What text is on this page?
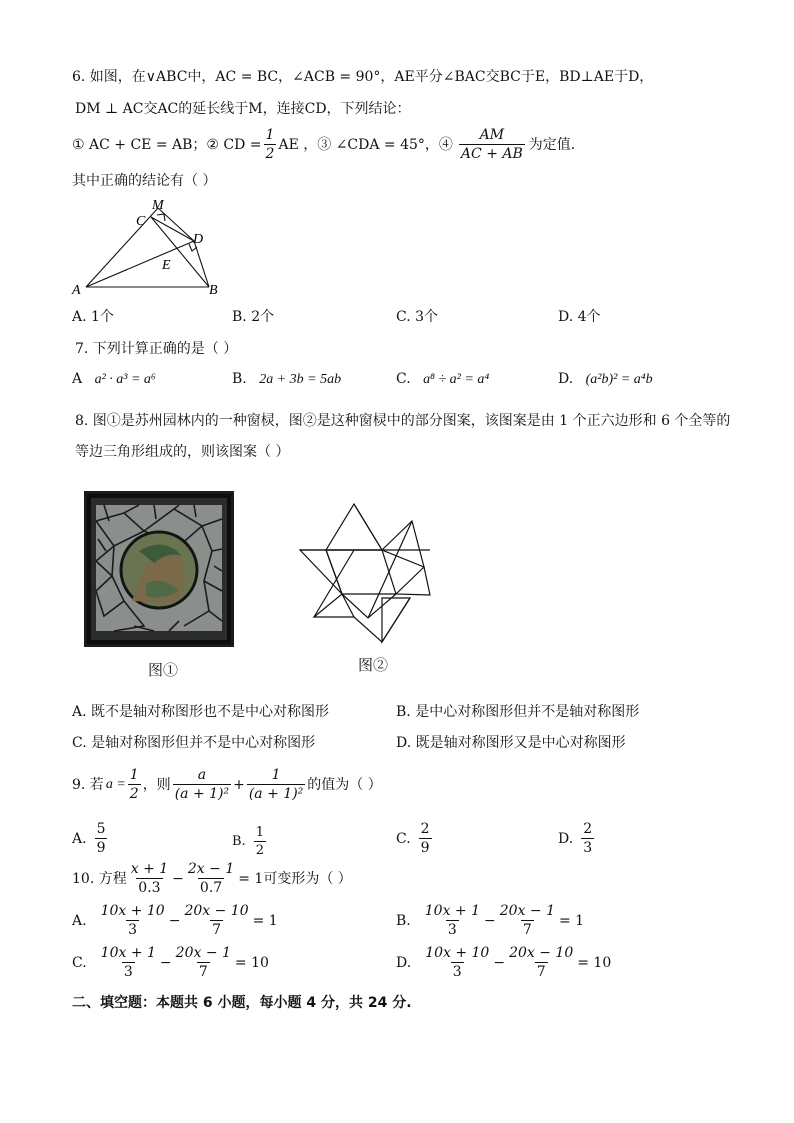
6. 如图，在∨ABC中，AC = BC，∠ACB = 90°，AE平分∠BAC交BC于E，BD⊥AE于D，
DM ⊥ AC交AC的延长线于M，连接CD，下列结论：
① AC + CE = AB；② CD = $\frac{1}{2}$ AE ，③ ∠CDA = 45°，④ $\frac{AM}{AC + AB}$ 为定值.
其中正确的结论有（ ）
M
C
D
E
A	B
A. 1个	B. 2个	C. 3个	D. 4个
7. 下列计算正确的是（ ）
A a² · a³ = a⁶	B. 2a + 3b = 5ab	C. a⁸ ÷ a² = a⁴	D. (a²b)² = a⁴b
8. 图①是苏州园林内的一种窗棂，图②是这种窗棂中的部分图案，该图案是由 1 个正六边形和 6 个全等的
等边三角形组成的，则该图案（ ）
图①	图②
A. 既不是轴对称图形也不是中心对称图形	B. 是中心对称图形但并不是轴对称图形
C. 是轴对称图形但并不是中心对称图形	D. 既是轴对称图形又是中心对称图形
9. 若 $a = \frac{1}{2}$ ，则 $\frac{a}{\text{(a + 1)²}} + \frac{1}{\text{(a + 1)²}}$ 的值为（ ）
A. $\frac{5}{9}$	B. $\frac{1}{2}$	C. $\frac{2}{9}$	D. $\frac{2}{3}$
10. 方程 $\frac{x + 1}{0.3} - \frac{2x - 1}{0.7} = 1$可变形为（ ）
A. $\frac{10x + 10}{3} - \frac{20x - 10}{7} = 1$	B. $\frac{10x + 1}{3} - \frac{20x - 1}{7} = 1$
C. $\frac{10x + 1}{3} - \frac{20x - 1}{7} = 10$	D. $\frac{10x + 10}{3} - \frac{20x - 10}{7} = 10$
二、填空题：本题共 6 小题，每小题 4 分，共 24 分.
